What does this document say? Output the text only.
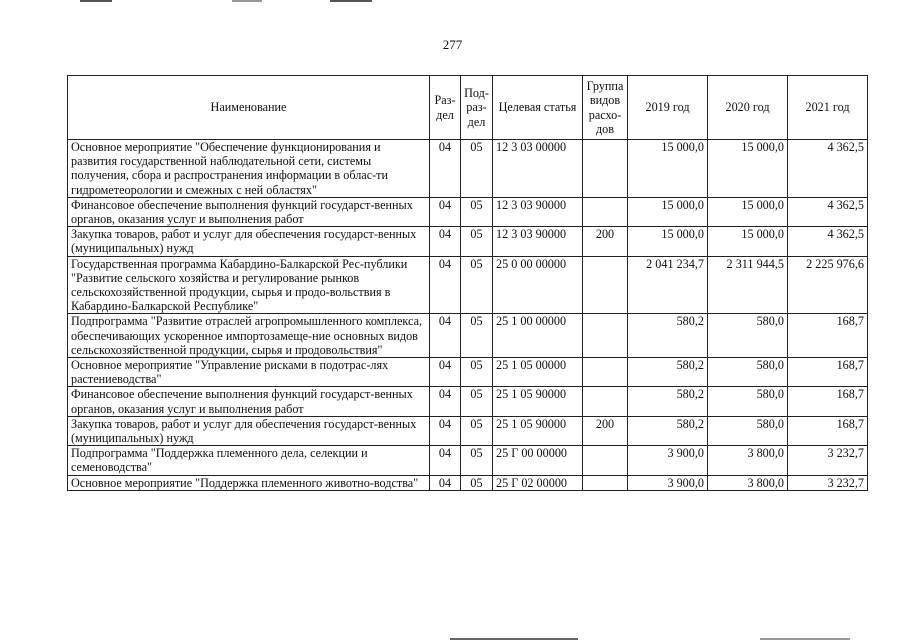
277
Наименование	Раз-дел	Под-раз-дел	Целевая статья	Группа видов расхо-дов	2019 год	2020 год	2021 год
Основное мероприятие "Обеспечение функционирования и развития государственной наблюдательной сети, системы получения, сбора и распространения информации в облас-ти гидрометеорологии и смежных с ней областях"	04	05	12 3 03 00000		15 000,0	15 000,0	4 362,5
Финансовое обеспечение выполнения функций государст-венных органов, оказания услуг и выполнения работ	04	05	12 3 03 90000		15 000,0	15 000,0	4 362,5
Закупка товаров, работ и услуг для обеспечения государст-венных (муниципальных) нужд	04	05	12 3 03 90000	200	15 000,0	15 000,0	4 362,5
Государственная программа Кабардино-Балкарской Рес-публики "Развитие сельского хозяйства и регулирование рынков сельскохозяйственной продукции, сырья и продо-вольствия в Кабардино-Балкарской Республике"	04	05	25 0 00 00000		2 041 234,7	2 311 944,5	2 225 976,6
Подпрограмма "Развитие отраслей агропромышленного комплекса, обеспечивающих ускоренное импортозамеще-ние основных видов сельскохозяйственной продукции, сырья и продовольствия"	04	05	25 1 00 00000		580,2	580,0	168,7
Основное мероприятие "Управление рисками в подотрас-лях растениеводства"	04	05	25 1 05 00000		580,2	580,0	168,7
Финансовое обеспечение выполнения функций государст-венных органов, оказания услуг и выполнения работ	04	05	25 1 05 90000		580,2	580,0	168,7
Закупка товаров, работ и услуг для обеспечения государст-венных (муниципальных) нужд	04	05	25 1 05 90000	200	580,2	580,0	168,7
Подпрограмма "Поддержка племенного дела, селекции и семеноводства"	04	05	25 Г 00 00000		3 900,0	3 800,0	3 232,7
Основное мероприятие "Поддержка племенного животно-водства"	04	05	25 Г 02 00000		3 900,0	3 800,0	3 232,7
